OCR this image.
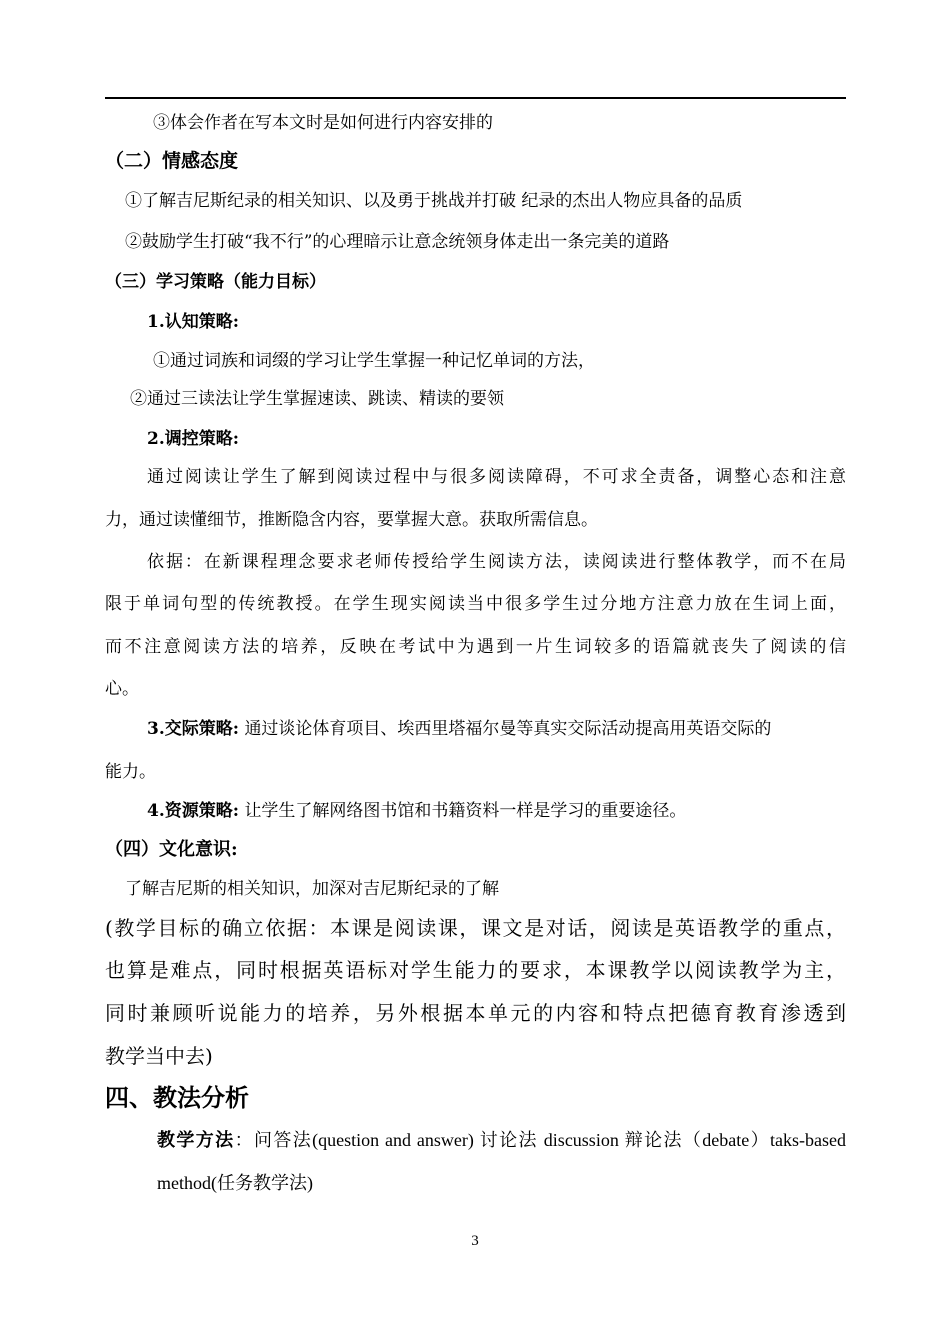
③体会作者在写本文时是如何进行内容安排的
（二）情感态度
①了解吉尼斯纪录的相关知识、以及勇于挑战并打破 纪录的杰出人物应具备的品质
②鼓励学生打破“我不行”的心理暗示让意念统领身体走出一条完美的道路
（三）学习策略（能力目标）
1.认知策略:
①通过词族和词缀的学习让学生掌握一种记忆单词的方法，
②通过三读法让学生掌握速读、跳读、精读的要领
2.调控策略:
通过阅读让学生了解到阅读过程中与很多阅读障碍，不可求全责备，调整心态和注意
力，通过读懂细节，推断隐含内容，要掌握大意。获取所需信息。
依据：在新课程理念要求老师传授给学生阅读方法，读阅读进行整体教学，而不在局
限于单词句型的传统教授。在学生现实阅读当中很多学生过分地方注意力放在生词上面，
而不注意阅读方法的培养，反映在考试中为遇到一片生词较多的语篇就丧失了阅读的信
心。
3.交际策略: 通过谈论体育项目、埃西里塔福尔曼等真实交际活动提高用英语交际的
能力。
4.资源策略: 让学生了解网络图书馆和书籍资料一样是学习的重要途径。
（四）文化意识:
了解吉尼斯的相关知识，加深对吉尼斯纪录的了解
(教学目标的确立依据：本课是阅读课，课文是对话，阅读是英语教学的重点，
也算是难点，同时根据英语标对学生能力的要求，本课教学以阅读教学为主，
同时兼顾听说能力的培养，另外根据本单元的内容和特点把德育教育渗透到
教学当中去)
四、教法分析
教学方法：问答法(question and answer) 讨论法 discussion 辩论法（debate）taks-based
method(任务教学法)
3
